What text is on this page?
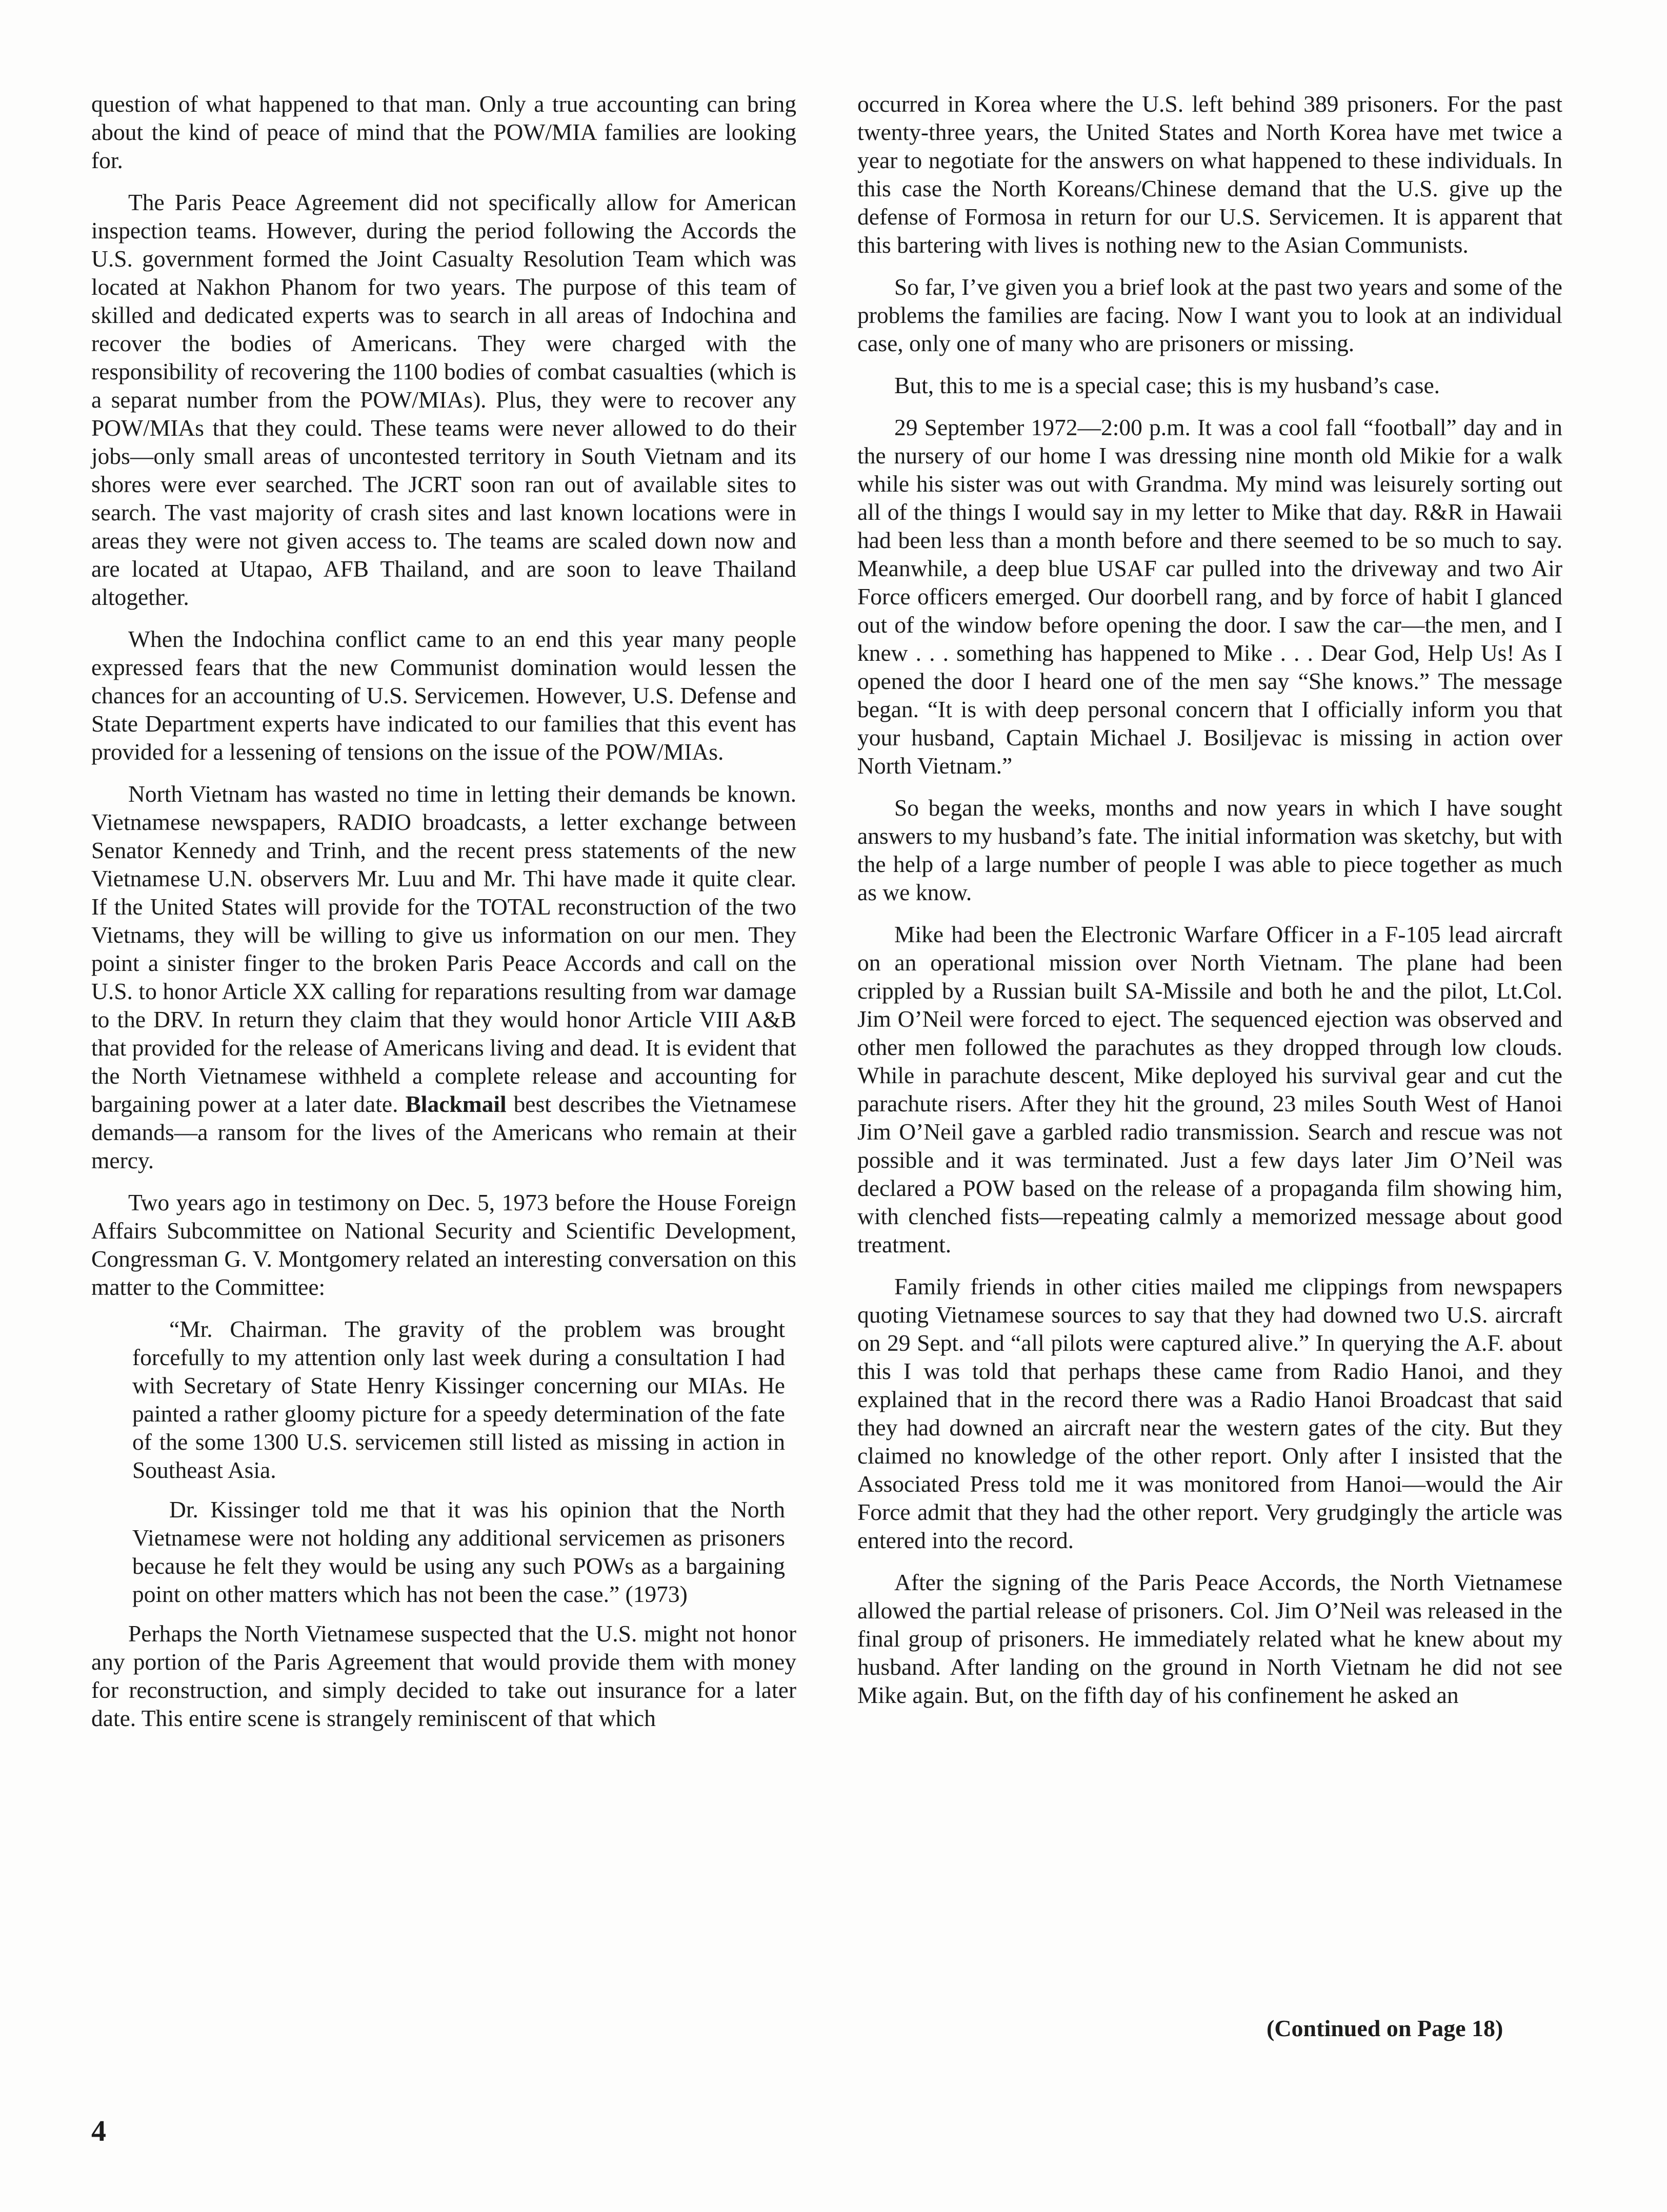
question of what happened to that man. Only a true accounting can bring about the kind of peace of mind that the POW/MIA families are looking for.

The Paris Peace Agreement did not specifically allow for American inspection teams. However, during the period following the Accords the U.S. government formed the Joint Casualty Resolution Team which was located at Nakhon Phanom for two years. The purpose of this team of skilled and dedicated experts was to search in all areas of Indochina and recover the bodies of Americans. They were charged with the responsibility of recovering the 1100 bodies of combat casualties (which is a separat number from the POW/MIAs). Plus, they were to recover any POW/MIAs that they could. These teams were never allowed to do their jobs—only small areas of uncontested territory in South Vietnam and its shores were ever searched. The JCRT soon ran out of available sites to search. The vast majority of crash sites and last known locations were in areas they were not given access to. The teams are scaled down now and are located at Utapao, AFB Thailand, and are soon to leave Thailand altogether.

When the Indochina conflict came to an end this year many people expressed fears that the new Communist domination would lessen the chances for an accounting of U.S. Servicemen. However, U.S. Defense and State Department experts have indicated to our families that this event has provided for a lessening of tensions on the issue of the POW/MIAs.

North Vietnam has wasted no time in letting their demands be known. Vietnamese newspapers, RADIO broadcasts, a letter exchange between Senator Kennedy and Trinh, and the recent press statements of the new Vietnamese U.N. observers Mr. Luu and Mr. Thi have made it quite clear. If the United States will provide for the TOTAL reconstruction of the two Vietnams, they will be willing to give us information on our men. They point a sinister finger to the broken Paris Peace Accords and call on the U.S. to honor Article XX calling for reparations resulting from war damage to the DRV. In return they claim that they would honor Article VIII A&B that provided for the release of Americans living and dead. It is evident that the North Vietnamese withheld a complete release and accounting for bargaining power at a later date. Blackmail best describes the Vietnamese demands—a ransom for the lives of the Americans who remain at their mercy.

Two years ago in testimony on Dec. 5, 1973 before the House Foreign Affairs Subcommittee on National Security and Scientific Development, Congressman G. V. Montgomery related an interesting conversation on this matter to the Committee:

“Mr. Chairman. The gravity of the problem was brought forcefully to my attention only last week during a consultation I had with Secretary of State Henry Kissinger concerning our MIAs. He painted a rather gloomy picture for a speedy determination of the fate of the some 1300 U.S. servicemen still listed as missing in action in Southeast Asia.

Dr. Kissinger told me that it was his opinion that the North Vietnamese were not holding any additional servicemen as prisoners because he felt they would be using any such POWs as a bargaining point on other matters which has not been the case.” (1973)

Perhaps the North Vietnamese suspected that the U.S. might not honor any portion of the Paris Agreement that would provide them with money for reconstruction, and simply decided to take out insurance for a later date. This entire scene is strangely reminiscent of that which

occurred in Korea where the U.S. left behind 389 prisoners. For the past twenty-three years, the United States and North Korea have met twice a year to negotiate for the answers on what happened to these individuals. In this case the North Koreans/Chinese demand that the U.S. give up the defense of Formosa in return for our U.S. Servicemen. It is apparent that this bartering with lives is nothing new to the Asian Communists.

So far, I’ve given you a brief look at the past two years and some of the problems the families are facing. Now I want you to look at an individual case, only one of many who are prisoners or missing.

But, this to me is a special case; this is my husband’s case.

29 September 1972—2:00 p.m. It was a cool fall “football” day and in the nursery of our home I was dressing nine month old Mikie for a walk while his sister was out with Grandma. My mind was leisurely sorting out all of the things I would say in my letter to Mike that day. R&R in Hawaii had been less than a month before and there seemed to be so much to say. Meanwhile, a deep blue USAF car pulled into the driveway and two Air Force officers emerged. Our doorbell rang, and by force of habit I glanced out of the window before opening the door. I saw the car—the men, and I knew . . . something has happened to Mike . . . Dear God, Help Us! As I opened the door I heard one of the men say “She knows.” The message began. “It is with deep personal concern that I officially inform you that your husband, Captain Michael J. Bosiljevac is missing in action over North Vietnam.”

So began the weeks, months and now years in which I have sought answers to my husband’s fate. The initial information was sketchy, but with the help of a large number of people I was able to piece together as much as we know.

Mike had been the Electronic Warfare Officer in a F-105 lead aircraft on an operational mission over North Vietnam. The plane had been crippled by a Russian built SA-Missile and both he and the pilot, Lt.Col. Jim O’Neil were forced to eject. The sequenced ejection was observed and other men followed the parachutes as they dropped through low clouds. While in parachute descent, Mike deployed his survival gear and cut the parachute risers. After they hit the ground, 23 miles South West of Hanoi Jim O’Neil gave a garbled radio transmission. Search and rescue was not possible and it was terminated. Just a few days later Jim O’Neil was declared a POW based on the release of a propaganda film showing him, with clenched fists—repeating calmly a memorized message about good treatment.

Family friends in other cities mailed me clippings from newspapers quoting Vietnamese sources to say that they had downed two U.S. aircraft on 29 Sept. and “all pilots were captured alive.” In querying the A.F. about this I was told that perhaps these came from Radio Hanoi, and they explained that in the record there was a Radio Hanoi Broadcast that said they had downed an aircraft near the western gates of the city. But they claimed no knowledge of the other report. Only after I insisted that the Associated Press told me it was monitored from Hanoi—would the Air Force admit that they had the other report. Very grudgingly the article was entered into the record.

After the signing of the Paris Peace Accords, the North Vietnamese allowed the partial release of prisoners. Col. Jim O’Neil was released in the final group of prisoners. He immediately related what he knew about my husband. After landing on the ground in North Vietnam he did not see Mike again. But, on the fifth day of his confinement he asked an

(Continued on Page 18)
4
